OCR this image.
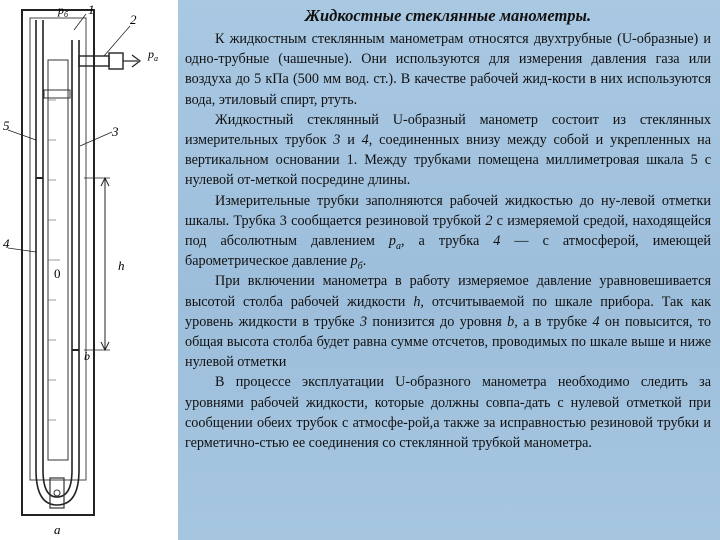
$p_б$ 1
2
$p_a$
3
5
4
h
0
b
a
Жидкостные стеклянные манометры.

К жидкостным стеклянным манометрам относятся двухтрубные (U-образные) и одно-трубные (чашечные). Они используются для измерения давления газа или воздуха до 5 кПа (500 мм вод. ст.). В качестве рабочей жид-кости в них используются вода, этиловый спирт, ртуть.

Жидкостный стеклянный U-образный манометр состоит из стеклянных измерительных трубок 3 и 4, соединенных внизу между собой и укрепленных на вертикальном основании 1. Между трубками помещена миллиметровая шкала 5 с нулевой от-меткой посредине длины.

Измерительные трубки заполняются рабочей жидкостью до ну-левой отметки шкалы. Трубка 3 сообщается резиновой трубкой 2 с измеряемой средой, находящейся под абсолютным давлением $p_а$, а трубка 4 — с атмосферой, имеющей барометрическое давление $р_б$.

При включении манометра в работу измеряемое давление уравновешивается высотой столба рабочей жидкости h, отсчитываемой по шкале прибора. Так как уровень жидкости в трубке 3 понизится до уровня b, а в трубке 4 он повысится, то общая высота столба будет равна сумме отсчетов, проводимых по шкале выше и ниже нулевой отметки

В процессе эксплуатации U-образного манометра необходимо следить за уровнями рабочей жидкости, которые должны совпа-дать с нулевой отметкой при сообщении обеих трубок с атмосфе-рой,а также за исправностью резиновой трубки и герметично-стью ее соединения со стеклянной трубкой манометра.
